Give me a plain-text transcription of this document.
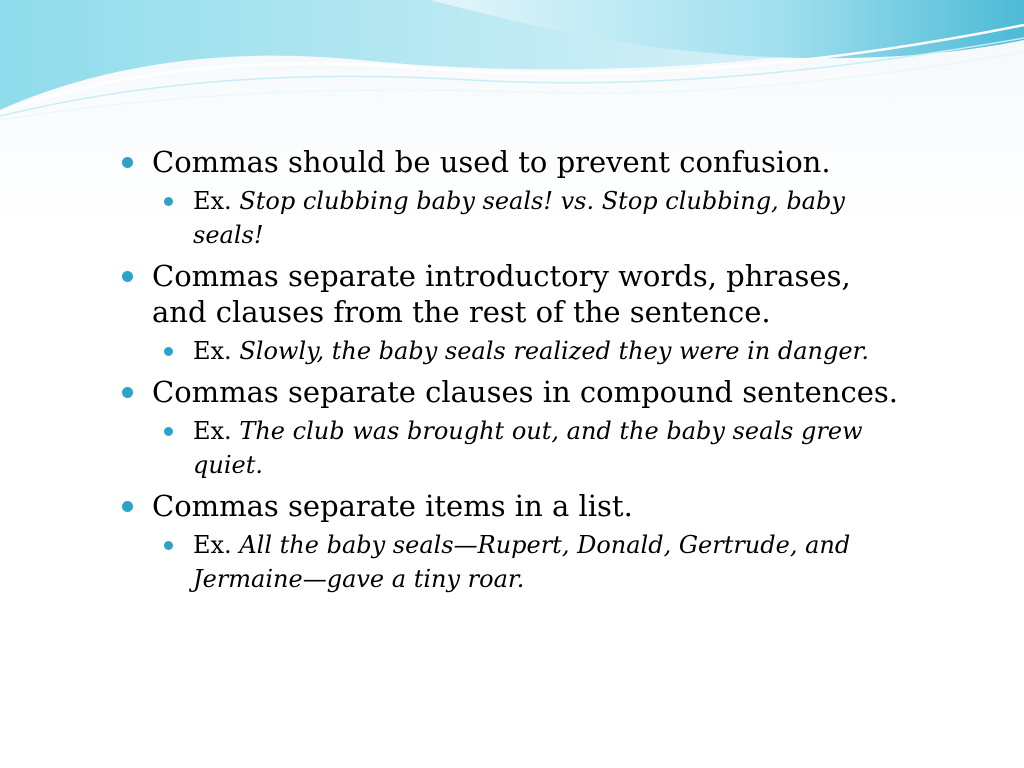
Commas should be used to prevent confusion.
Ex. Stop clubbing baby seals! vs. Stop clubbing, baby seals!
Commas separate introductory words, phrases, and clauses from the rest of the sentence.
Ex. Slowly, the baby seals realized they were in danger.
Commas separate clauses in compound sentences.
Ex. The club was brought out, and the baby seals grew quiet.
Commas separate items in a list.
Ex. All the baby seals—Rupert, Donald, Gertrude, and Jermaine—gave a tiny roar.
